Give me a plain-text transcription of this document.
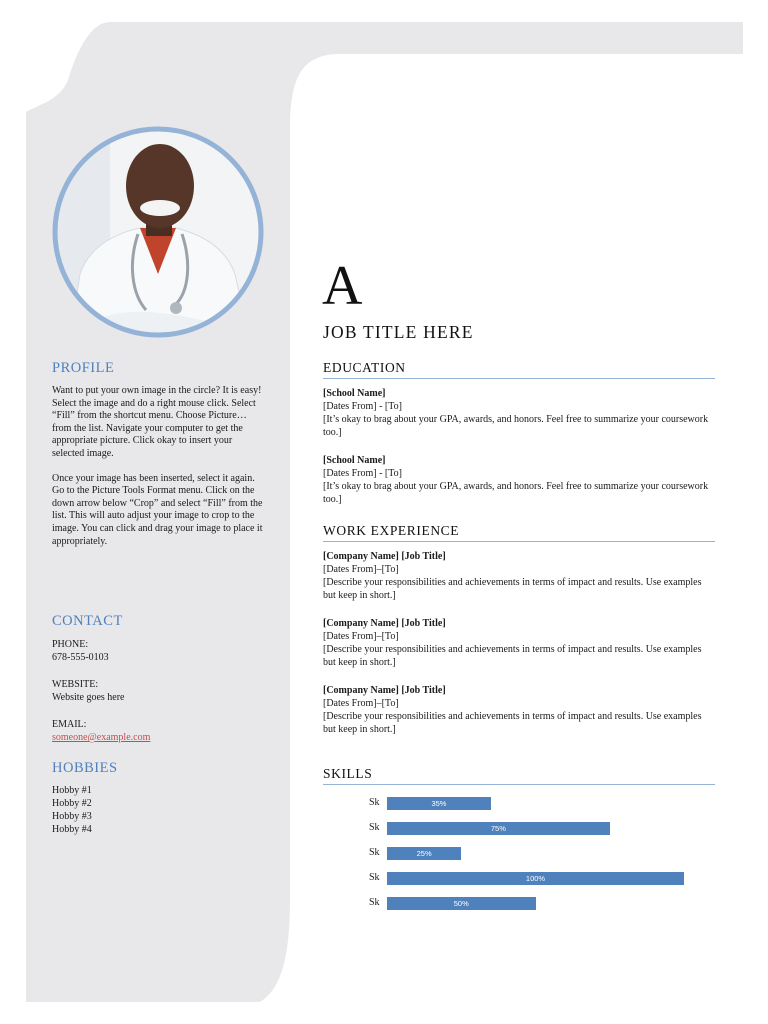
PROFILE

Want to put your own image in the circle? It is easy! Select the image and do a right mouse click. Select “Fill” from the shortcut menu. Choose Picture… from the list. Navigate your computer to get the appropriate picture. Click okay to insert your selected image.

Once your image has been inserted, select it again. Go to the Picture Tools Format menu. Click on the down arrow below “Crop” and select “Fill” from the list. This will auto adjust your image to crop to the image. You can click and drag your image to place it appropriately.

CONTACT
PHONE:
678-555-0103
WEBSITE:
Website goes here
EMAIL:
someone@example.com
HOBBIES
Hobby #1
Hobby #2
Hobby #3
Hobby #4
A
JOB TITLE HERE
EDUCATION
[School Name]
[Dates From] - [To]
[It’s okay to brag about your GPA, awards, and honors. Feel free to summarize your coursework too.]
[School Name]
[Dates From] - [To]
[It’s okay to brag about your GPA, awards, and honors. Feel free to summarize your coursework too.]
WORK EXPERIENCE
[Company Name] [Job Title]
[Dates From]–[To]
[Describe your responsibilities and achievements in terms of impact and results. Use examples but keep in short.]
[Company Name] [Job Title]
[Dates From]–[To]
[Describe your responsibilities and achievements in terms of impact and results. Use examples but keep in short.]
[Company Name] [Job Title]
[Dates From]–[To]
[Describe your responsibilities and achievements in terms of impact and results. Use examples but keep in short.]
SKILLS
Sk	35%
Sk	75%
Sk	25%
Sk	100%
Sk	50%
